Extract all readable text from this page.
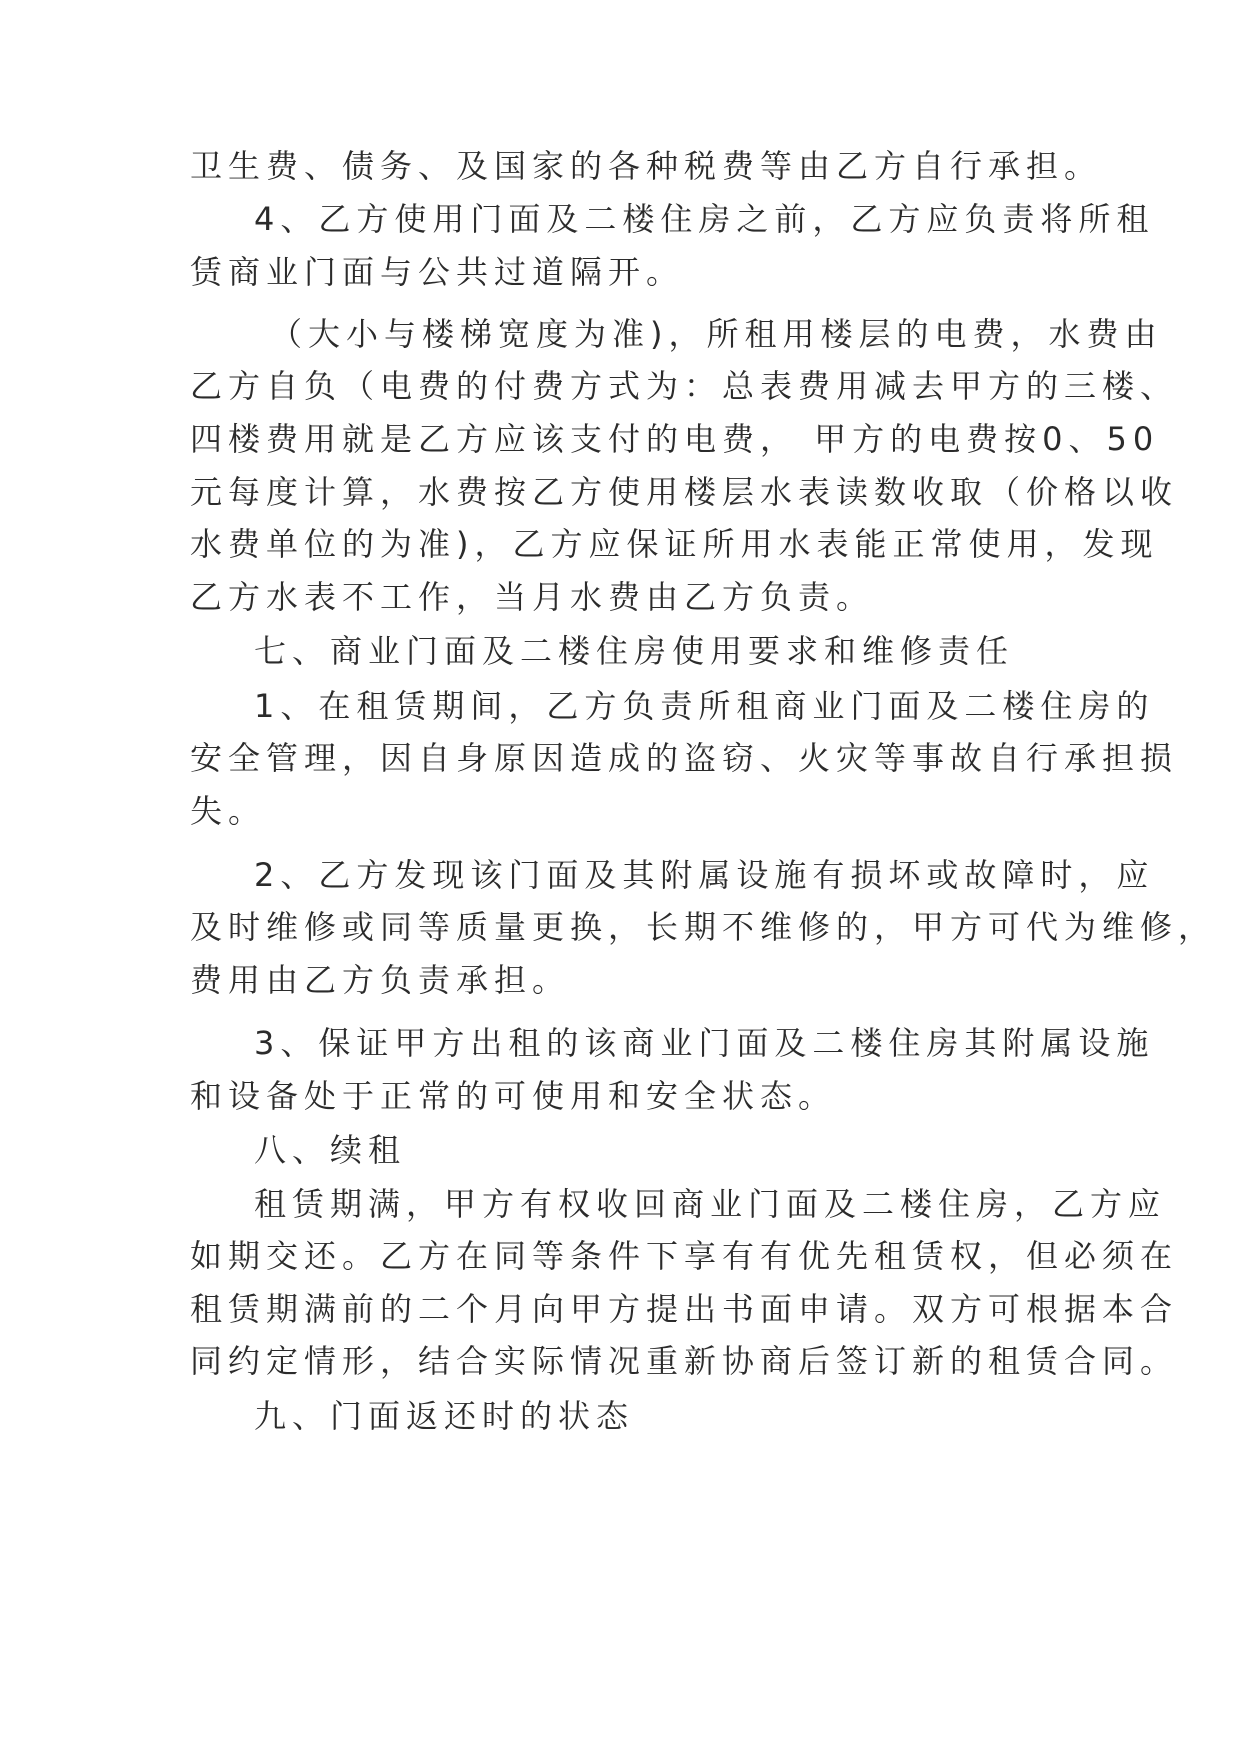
卫生费、债务、及国家的各种税费等由乙方自行承担。
4、乙方使用门面及二楼住房之前，乙方应负责将所租
赁商业门面与公共过道隔开。
（大小与楼梯宽度为准)，所租用楼层的电费，水费由
乙方自负（电费的付费方式为：总表费用减去甲方的三楼、
四楼费用就是乙方应该支付的电费， 甲方的电费按0、50
元每度计算，水费按乙方使用楼层水表读数收取（价格以收
水费单位的为准)，乙方应保证所用水表能正常使用，发现
乙方水表不工作，当月水费由乙方负责。
七、商业门面及二楼住房使用要求和维修责任
1、在租赁期间，乙方负责所租商业门面及二楼住房的
安全管理，因自身原因造成的盗窃、火灾等事故自行承担损
失。
2、乙方发现该门面及其附属设施有损坏或故障时，应
及时维修或同等质量更换，长期不维修的，甲方可代为维修，
费用由乙方负责承担。
3、保证甲方出租的该商业门面及二楼住房其附属设施
和设备处于正常的可使用和安全状态。
八、续租
租赁期满，甲方有权收回商业门面及二楼住房，乙方应
如期交还。乙方在同等条件下享有有优先租赁权，但必须在
租赁期满前的二个月向甲方提出书面申请。双方可根据本合
同约定情形，结合实际情况重新协商后签订新的租赁合同。
九、门面返还时的状态
